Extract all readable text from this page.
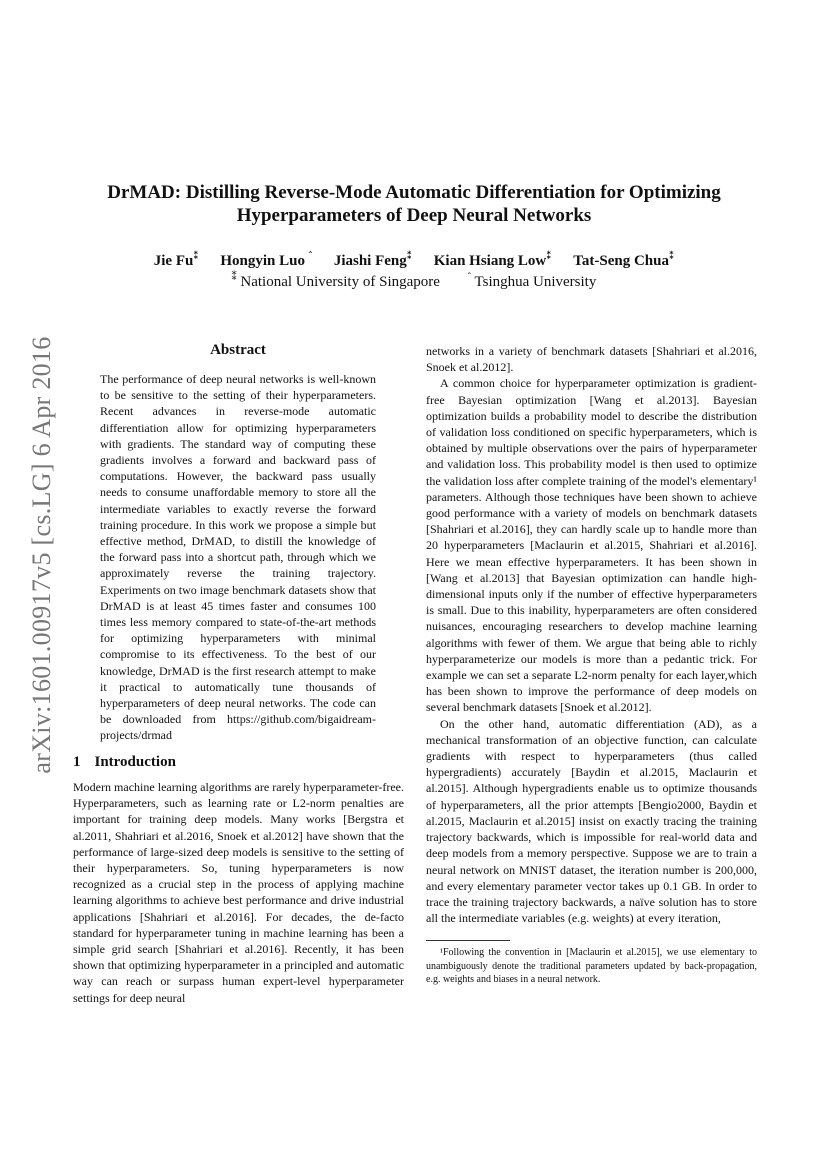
arXiv:1601.00917v5 [cs.LG] 6 Apr 2016
DrMAD: Distilling Reverse-Mode Automatic Differentiation for Optimizing Hyperparameters of Deep Neural Networks
Jie Fu⁑ Hongyin Luo $^ˆ$ Jiashi Feng⁑ Kian Hsiang Low⁑ Tat-Seng Chua⁑
⁑ National University of Singapore	$^ˆ$ Tsinghua University
Abstract

The performance of deep neural networks is well-known to be sensitive to the setting of their hyperparameters. Recent advances in reverse-mode automatic differentiation allow for optimizing hyperparameters with gradients. The standard way of computing these gradients involves a forward and backward pass of computations. However, the backward pass usually needs to consume unaffordable memory to store all the intermediate variables to exactly reverse the forward training procedure. In this work we propose a simple but effective method, DrMAD, to distill the knowledge of the forward pass into a shortcut path, through which we approximately reverse the training trajectory. Experiments on two image benchmark datasets show that DrMAD is at least 45 times faster and consumes 100 times less memory compared to state-of-the-art methods for optimizing hyperparameters with minimal compromise to its effectiveness. To the best of our knowledge, DrMAD is the first research attempt to make it practical to automatically tune thousands of hyperparameters of deep neural networks. The code can be downloaded from https://github.com/bigaidream-projects/drmad

1 Introduction

Modern machine learning algorithms are rarely hyperparameter-free. Hyperparameters, such as learning rate or L2-norm penalties are important for training deep models. Many works [Bergstra et al.2011, Shahriari et al.2016, Snoek et al.2012] have shown that the performance of large-sized deep models is sensitive to the setting of their hyperparameters. So, tuning hyperparameters is now recognized as a crucial step in the process of applying machine learning algorithms to achieve best performance and drive industrial applications [Shahriari et al.2016]. For decades, the de-facto standard for hyperparameter tuning in machine learning has been a simple grid search [Shahriari et al.2016]. Recently, it has been shown that optimizing hyperparameter in a principled and automatic way can reach or surpass human expert-level hyperparameter settings for deep neural

networks in a variety of benchmark datasets [Shahriari et al.2016, Snoek et al.2012].

A common choice for hyperparameter optimization is gradient-free Bayesian optimization [Wang et al.2013]. Bayesian optimization builds a probability model to describe the distribution of validation loss conditioned on specific hyperparameters, which is obtained by multiple observations over the pairs of hyperparameter and validation loss. This probability model is then used to optimize the validation loss after complete training of the model's elementary¹ parameters. Although those techniques have been shown to achieve good performance with a variety of models on benchmark datasets [Shahriari et al.2016], they can hardly scale up to handle more than 20 hyperparameters [Maclaurin et al.2015, Shahriari et al.2016]. Here we mean effective hyperparameters. It has been shown in [Wang et al.2013] that Bayesian optimization can handle high-dimensional inputs only if the number of effective hyperparameters is small. Due to this inability, hyperparameters are often considered nuisances, encouraging researchers to develop machine learning algorithms with fewer of them. We argue that being able to richly hyperparameterize our models is more than a pedantic trick. For example we can set a separate L2-norm penalty for each layer,which has been shown to improve the performance of deep models on several benchmark datasets [Snoek et al.2012].

On the other hand, automatic differentiation (AD), as a mechanical transformation of an objective function, can calculate gradients with respect to hyperparameters (thus called hypergradients) accurately [Baydin et al.2015, Maclaurin et al.2015]. Although hypergradients enable us to optimize thousands of hyperparameters, all the prior attempts [Bengio2000, Baydin et al.2015, Maclaurin et al.2015] insist on exactly tracing the training trajectory backwards, which is impossible for real-world data and deep models from a memory perspective. Suppose we are to train a neural network on MNIST dataset, the iteration number is 200,000, and every elementary parameter vector takes up 0.1 GB. In order to trace the training trajectory backwards, a naïve solution has to store all the intermediate variables (e.g. weights) at every iteration,

¹Following the convention in [Maclaurin et al.2015], we use elementary to unambiguously denote the traditional parameters updated by back-propagation, e.g. weights and biases in a neural network.
